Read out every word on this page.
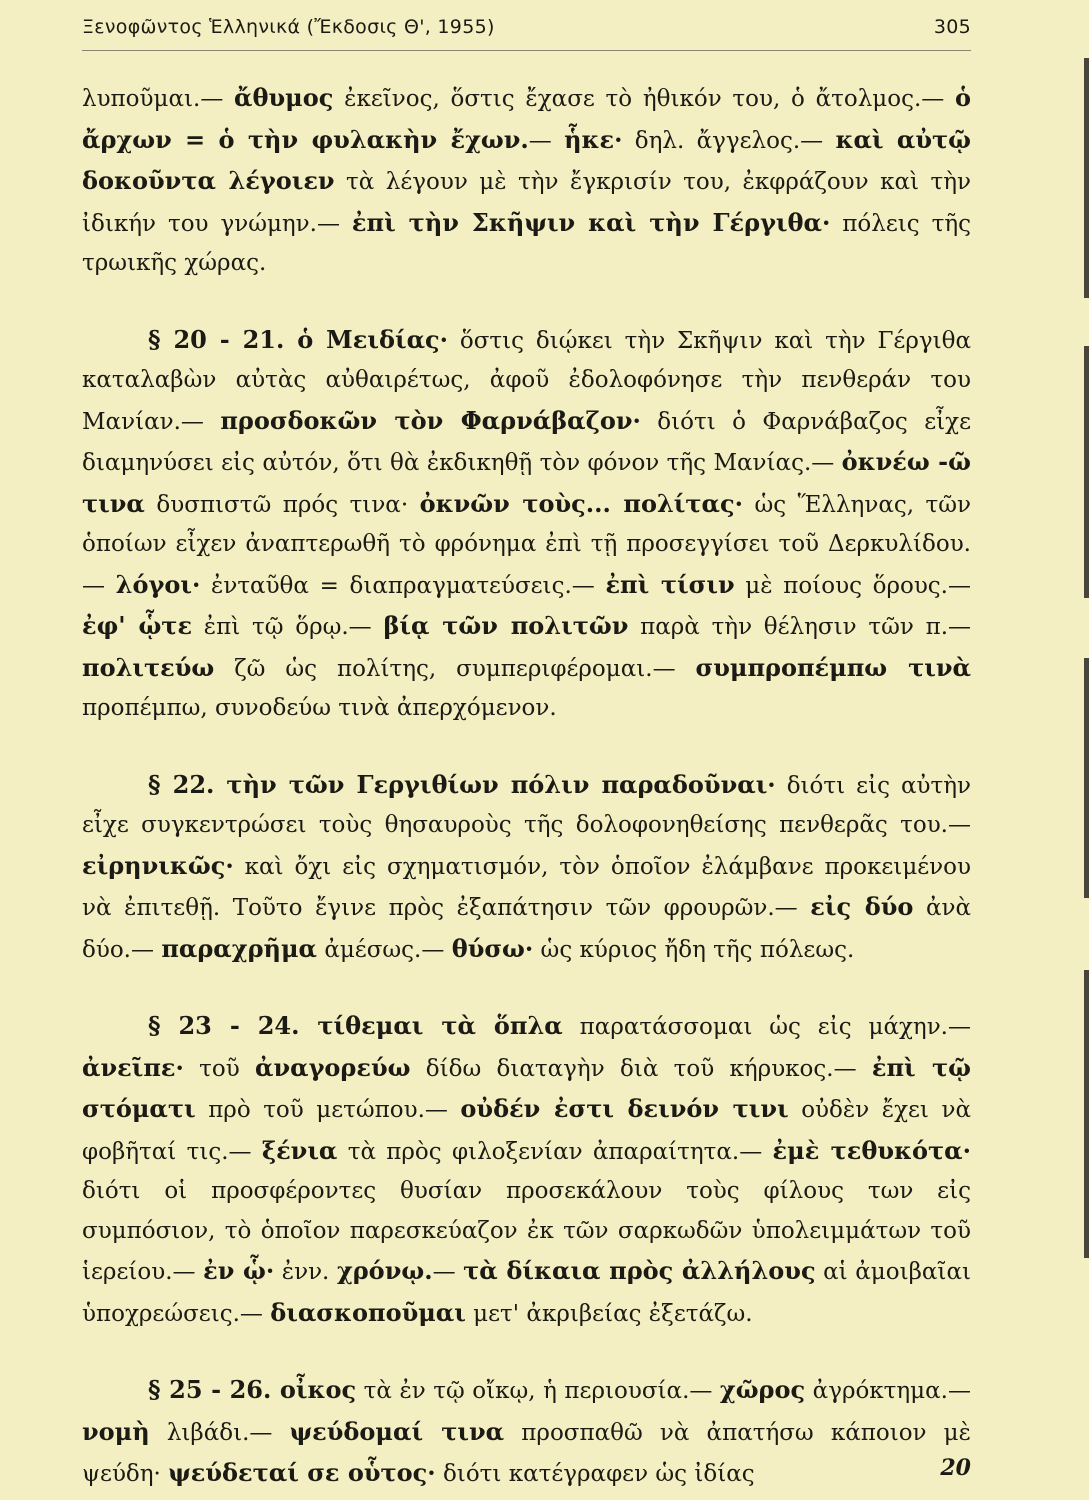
Ξενοφῶντος Ἑλληνικά (Ἔκδοσις Θ', 1955)	305

λυποῦμαι.— ἄθυμος ἐκεῖνος, ὅστις ἔχασε τὸ ἠθικόν του, ὁ ἄτολμος.— ὁ ἄρχων = ὁ τὴν φυλακὴν ἔχων.— ἧκε· δηλ. ἄγγελος.— καὶ αὐτῷ δοκοῦντα λέγοιεν τὰ λέγουν μὲ τὴν ἔγκρισίν του, ἐκφράζουν καὶ τὴν ἰδικήν του γνώμην.— ἐπὶ τὴν Σκῆψιν καὶ τὴν Γέργιθα· πόλεις τῆς τρωικῆς χώρας.

§ 20 - 21. ὁ Μειδίας· ὅστις διῴκει τὴν Σκῆψιν καὶ τὴν Γέργιθα καταλαβὼν αὐτὰς αὐθαιρέτως, ἀφοῦ ἐδολοφόνησε τὴν πενθεράν του Μανίαν.— προσδοκῶν τὸν Φαρνάβαζον· διότι ὁ Φαρνάβαζος εἶχε διαμηνύσει εἰς αὐτόν, ὅτι θὰ ἐκδικηθῇ τὸν φόνον τῆς Μανίας.— ὀκνέω -ῶ τινα δυσπιστῶ πρός τινα· ὀκνῶν τοὺς... πολίτας· ὡς Ἕλληνας, τῶν ὁποίων εἶχεν ἀναπτερωθῆ τὸ φρόνημα ἐπὶ τῇ προσεγγίσει τοῦ Δερκυλίδου.— λόγοι· ἐνταῦθα = διαπραγματεύσεις.— ἐπὶ τίσιν μὲ ποίους ὅρους.— ἐφ' ᾧτε ἐπὶ τῷ ὅρῳ.— βίᾳ τῶν πολιτῶν παρὰ τὴν θέλησιν τῶν π.— πολιτεύω ζῶ ὡς πολίτης, συμπεριφέρομαι.— συμπροπέμπω τινὰ προπέμπω, συνοδεύω τινὰ ἀπερχόμενον.

§ 22. τὴν τῶν Γεργιθίων πόλιν παραδοῦναι· διότι εἰς αὐτὴν εἶχε συγκεντρώσει τοὺς θησαυροὺς τῆς δολοφονηθείσης πενθερᾶς του.— εἰρηνικῶς· καὶ ὄχι εἰς σχηματισμόν, τὸν ὁποῖον ἐλάμβανε προκειμένου νὰ ἐπιτεθῇ. Τοῦτο ἔγινε πρὸς ἐξαπάτησιν τῶν φρουρῶν.— εἰς δύο ἀνὰ δύο.— παραχρῆμα ἀμέσως.— θύσω· ὡς κύριος ἤδη τῆς πόλεως.

§ 23 - 24. τίθεμαι τὰ ὅπλα παρατάσσομαι ὡς εἰς μάχην.— ἀνεῖπε· τοῦ ἀναγορεύω δίδω διαταγὴν διὰ τοῦ κήρυκος.— ἐπὶ τῷ στόματι πρὸ τοῦ μετώπου.— οὐδέν ἐστι δεινόν τινι οὐδὲν ἔχει νὰ φοβῆταί τις.— ξένια τὰ πρὸς φιλοξενίαν ἀπαραίτητα.— ἐμὲ τεθυκότα· διότι οἱ προσφέροντες θυσίαν προσεκάλουν τοὺς φίλους των εἰς συμπόσιον, τὸ ὁποῖον παρεσκεύαζον ἐκ τῶν σαρκωδῶν ὑπολειμμάτων τοῦ ἱερείου.— ἐν ᾧ· ἐνν. χρόνῳ.— τὰ δίκαια πρὸς ἀλλήλους αἱ ἀμοιβαῖαι ὑποχρεώσεις.— διασκοποῦμαι μετ' ἀκριβείας ἐξετάζω.

§ 25 - 26. οἶκος τὰ ἐν τῷ οἴκῳ, ἡ περιουσία.— χῶρος ἀγρόκτημα.— νομὴ λιβάδι.— ψεύδομαί τινα προσπαθῶ νὰ ἀπατήσω κάποιον μὲ ψεύδη· ψεύδεταί σε οὗτος· διότι κατέγραφεν ὡς ἰδίας	20
